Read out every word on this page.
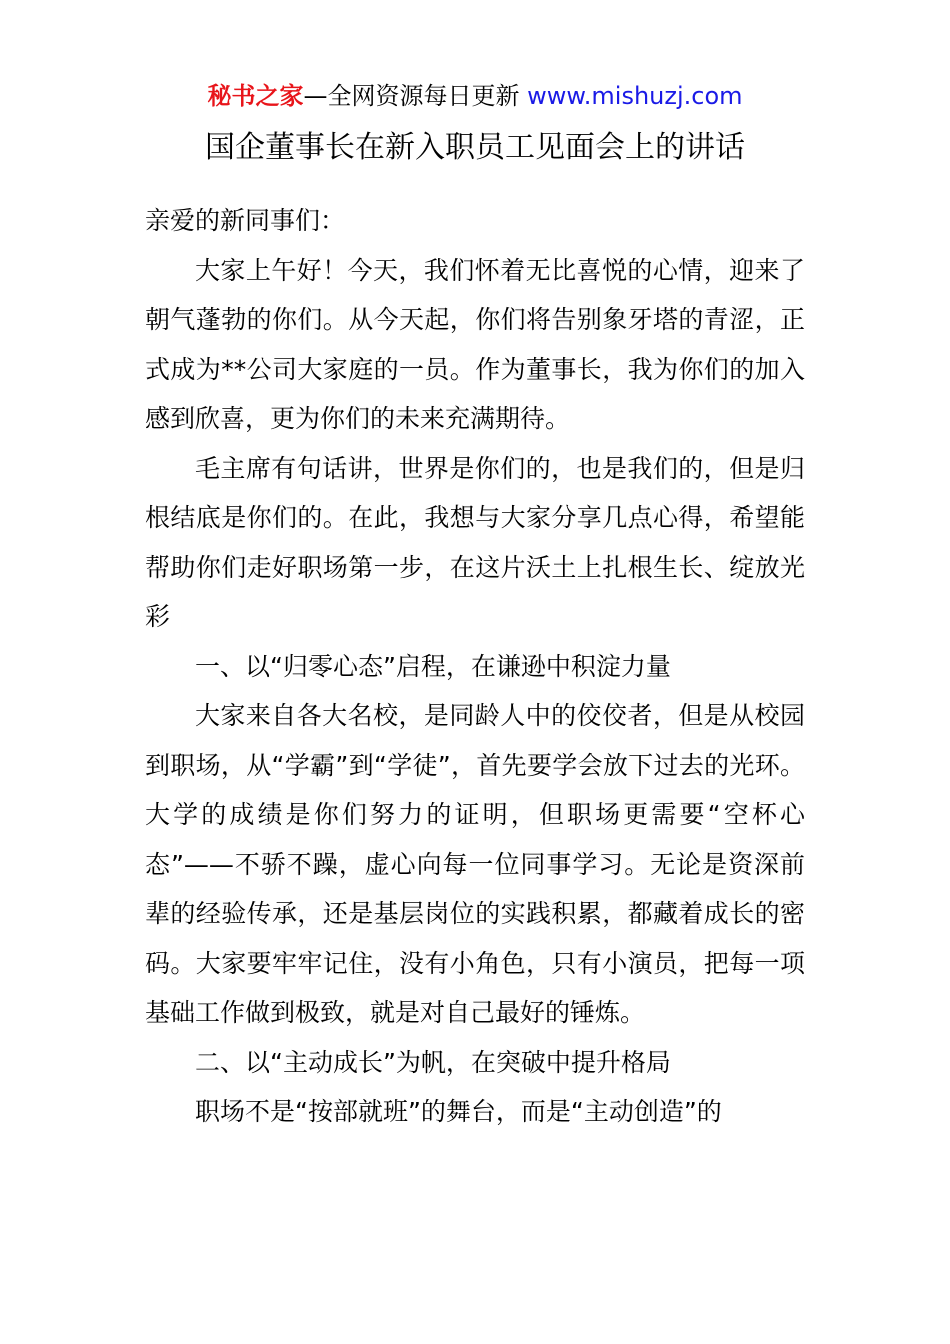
秘书之家—全网资源每日更新 www.mishuzj.com
国企董事长在新入职员工见面会上的讲话

亲爱的新同事们：

大家上午好！今天，我们怀着无比喜悦的心情，迎来了朝气蓬勃的你们。从今天起，你们将告别象牙塔的青涩，正式成为**公司大家庭的一员。作为董事长，我为你们的加入感到欣喜，更为你们的未来充满期待。

毛主席有句话讲，世界是你们的，也是我们的，但是归根结底是你们的。在此，我想与大家分享几点心得，希望能帮助你们走好职场第一步，在这片沃土上扎根生长、绽放光彩

一、以“归零心态”启程，在谦逊中积淀力量

大家来自各大名校，是同龄人中的佼佼者，但是从校园到职场，从“学霸”到“学徒”，首先要学会放下过去的光环。大学的成绩是你们努力的证明，但职场更需要“空杯心态”——不骄不躁，虚心向每一位同事学习。无论是资深前辈的经验传承，还是基层岗位的实践积累，都藏着成长的密码。大家要牢牢记住，没有小角色，只有小演员，把每一项基础工作做到极致，就是对自己最好的锤炼。

二、以“主动成长”为帆，在突破中提升格局

职场不是“按部就班”的舞台，而是“主动创造”的
